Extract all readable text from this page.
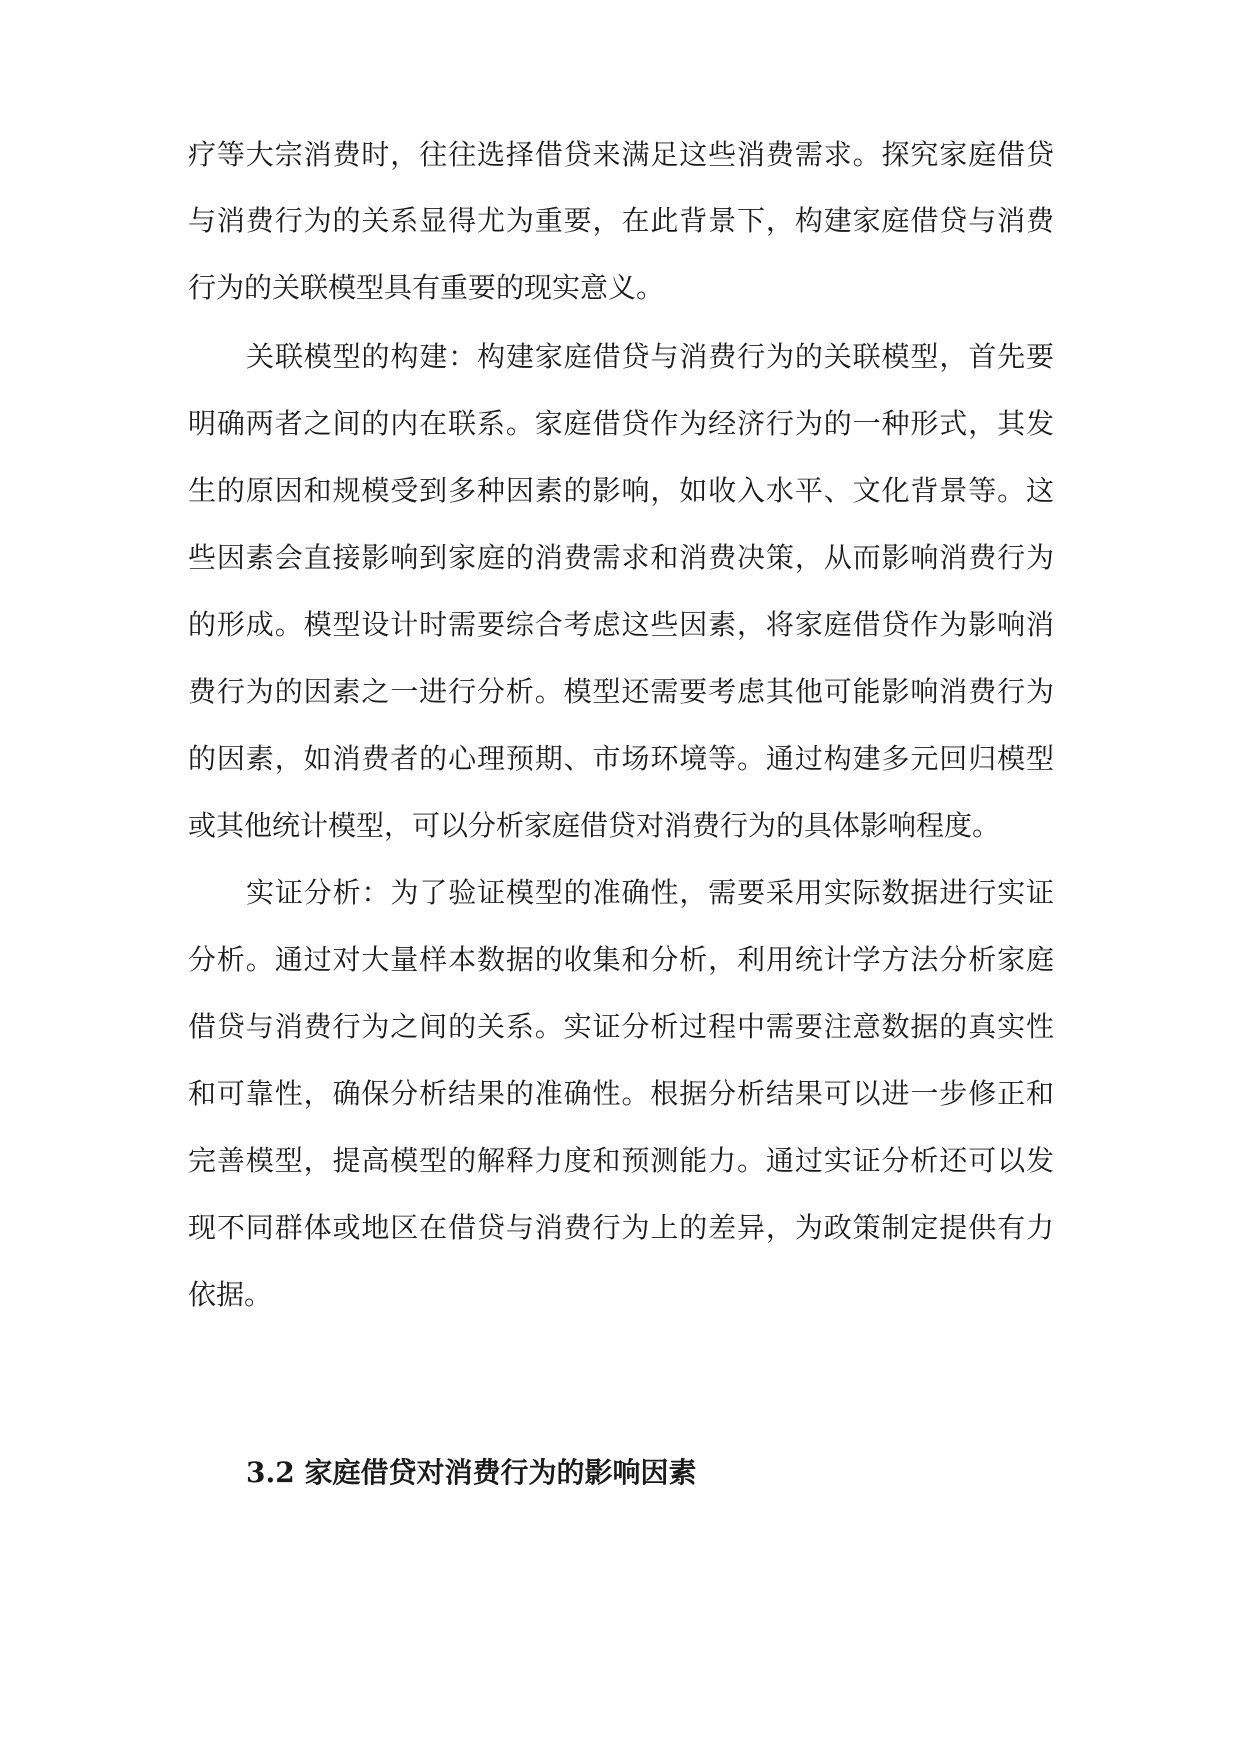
疗等大宗消费时，往往选择借贷来满足这些消费需求。探究家庭借贷
与消费行为的关系显得尤为重要，在此背景下，构建家庭借贷与消费
行为的关联模型具有重要的现实意义。
关联模型的构建：构建家庭借贷与消费行为的关联模型，首先要
明确两者之间的内在联系。家庭借贷作为经济行为的一种形式，其发
生的原因和规模受到多种因素的影响，如收入水平、文化背景等。这
些因素会直接影响到家庭的消费需求和消费决策，从而影响消费行为
的形成。模型设计时需要综合考虑这些因素，将家庭借贷作为影响消
费行为的因素之一进行分析。模型还需要考虑其他可能影响消费行为
的因素，如消费者的心理预期、市场环境等。通过构建多元回归模型
或其他统计模型，可以分析家庭借贷对消费行为的具体影响程度。
实证分析：为了验证模型的准确性，需要采用实际数据进行实证
分析。通过对大量样本数据的收集和分析，利用统计学方法分析家庭
借贷与消费行为之间的关系。实证分析过程中需要注意数据的真实性
和可靠性，确保分析结果的准确性。根据分析结果可以进一步修正和
完善模型，提高模型的解释力度和预测能力。通过实证分析还可以发
现不同群体或地区在借贷与消费行为上的差异，为政策制定提供有力
依据。
3.2 家庭借贷对消费行为的影响因素
